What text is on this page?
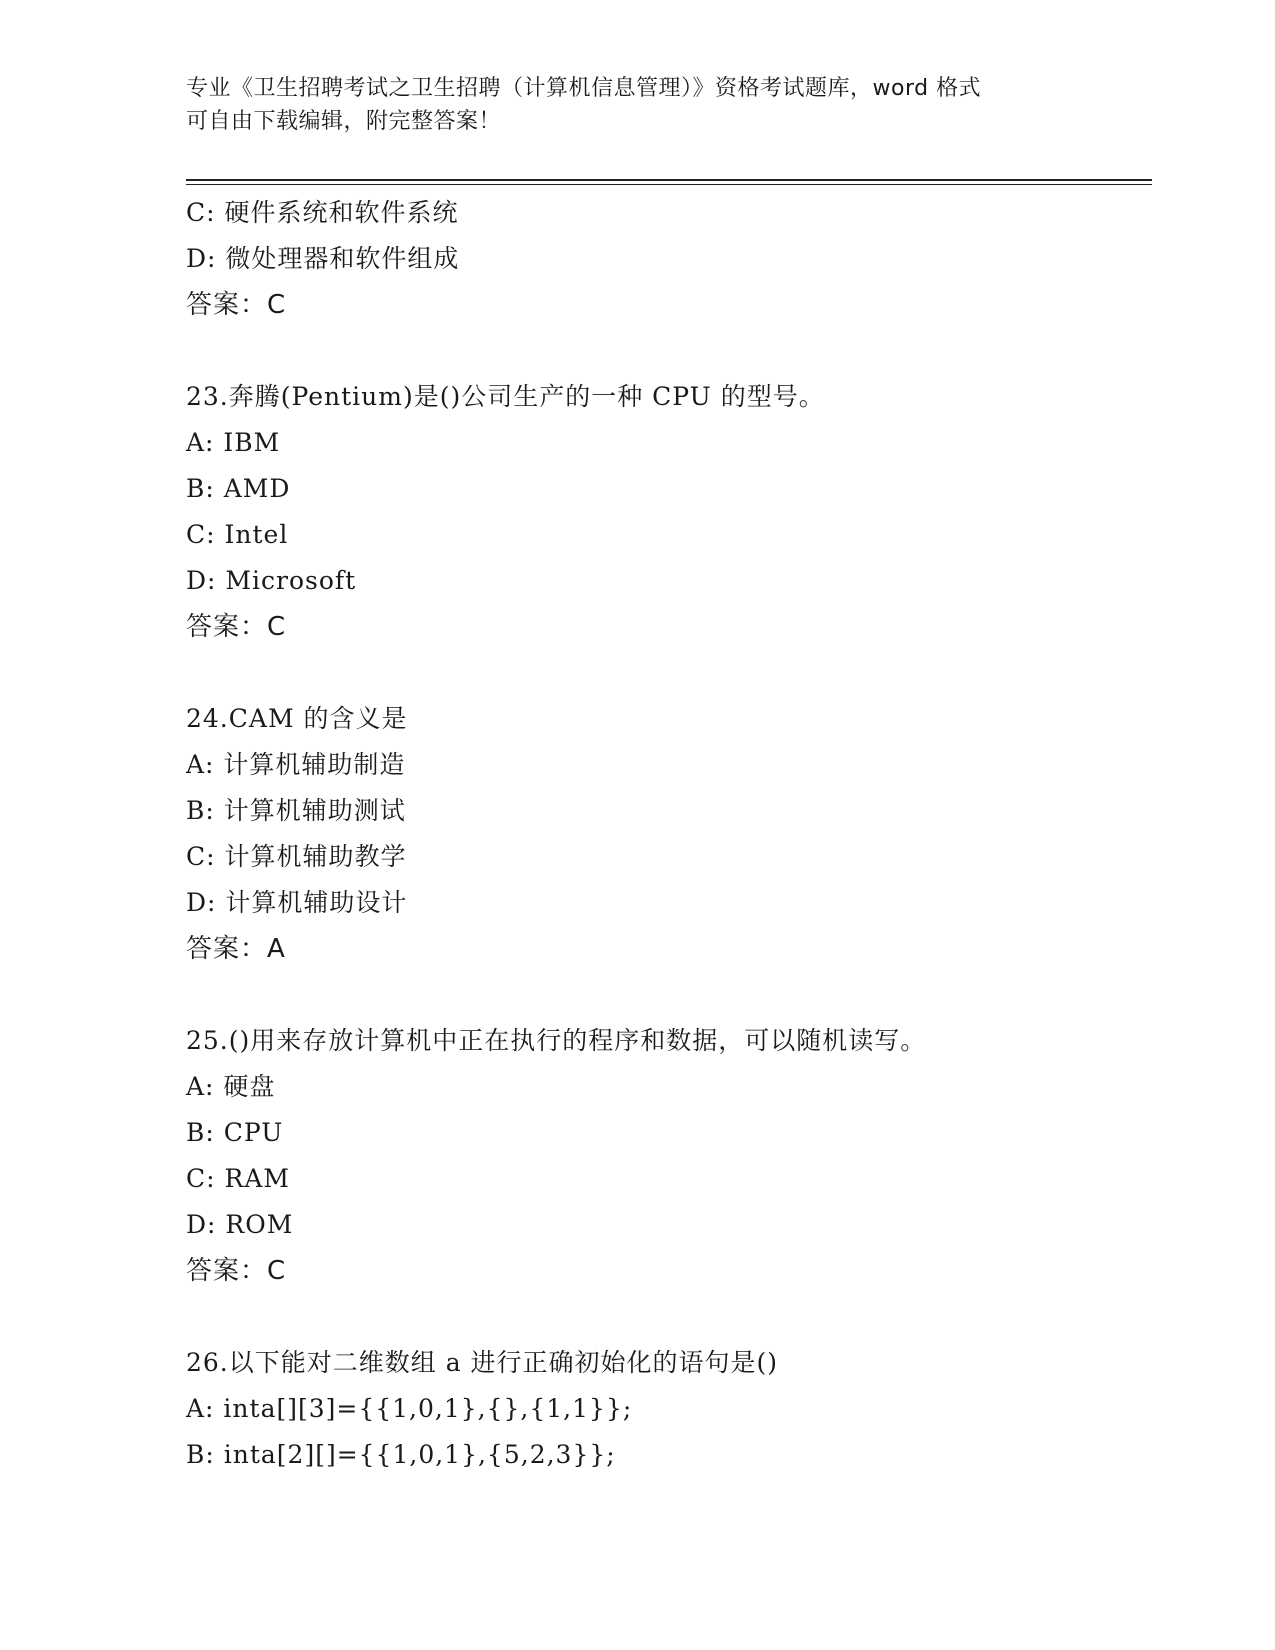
专业《卫生招聘考试之卫生招聘（计算机信息管理）》资格考试题库，word 格式
可自由下载编辑，附完整答案！
C: 硬件系统和软件系统
D: 微处理器和软件组成
答案：C
23.奔腾(Pentium)是()公司生产的一种 CPU 的型号。
A: IBM
B: AMD
C: Intel
D: Microsoft
答案：C
24.CAM 的含义是
A: 计算机辅助制造
B: 计算机辅助测试
C: 计算机辅助教学
D: 计算机辅助设计
答案：A
25.()用来存放计算机中正在执行的程序和数据，可以随机读写。
A: 硬盘
B: CPU
C: RAM
D: ROM
答案：C
26.以下能对二维数组 a 进行正确初始化的语句是()
A: inta[][3]={{1,0,1},{},{1,1}};
B: inta[2][]={{1,0,1},{5,2,3}};
